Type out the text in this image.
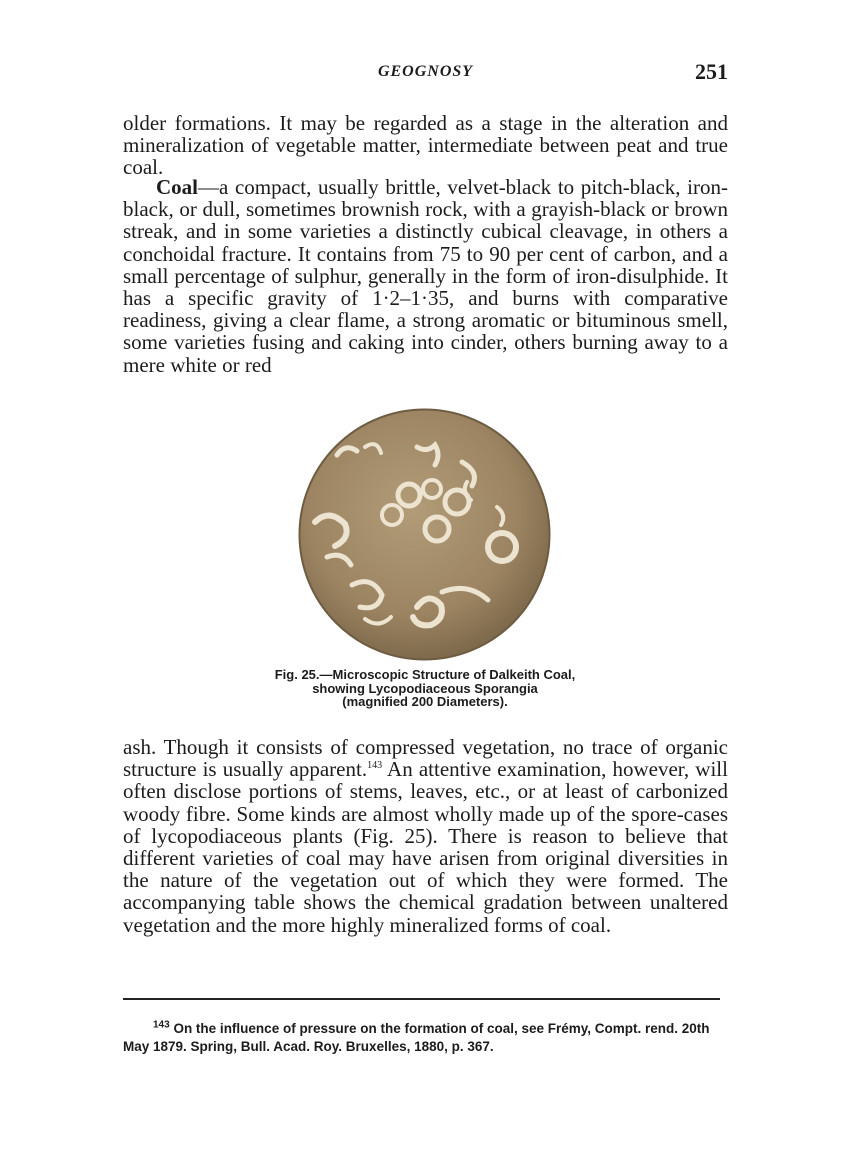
GEOGNOSY	251

older formations. It may be regarded as a stage in the alteration and mineralization of vegetable matter, intermediate between peat and true coal.

Coal—a compact, usually brittle, velvet-black to pitch-black, iron-black, or dull, sometimes brownish rock, with a grayish-black or brown streak, and in some varieties a distinctly cubical cleavage, in others a conchoidal fracture. It contains from 75 to 90 per cent of carbon, and a small percentage of sulphur, generally in the form of iron-disulphide. It has a specific gravity of 1·2–1·35, and burns with comparative readiness, giving a clear flame, a strong aromatic or bituminous smell, some varieties fusing and caking into cinder, others burning away to a mere white or red

Fig. 25.—Microscopic Structure of Dalkeith Coal,
showing Lycopodiaceous Sporangia
(magnified 200 Diameters).

ash. Though it consists of compressed vegetation, no trace of organic structure is usually apparent.$^{143}$ An attentive examination, however, will often disclose portions of stems, leaves, etc., or at least of carbonized woody fibre. Some kinds are almost wholly made up of the spore-cases of lycopodiaceous plants (Fig. 25). There is reason to believe that different varieties of coal may have arisen from original diversities in the nature of the vegetation out of which they were formed. The accompanying table shows the chemical gradation between unaltered vegetation and the more highly mineralized forms of coal.

$^{143}$ On the influence of pressure on the formation of coal, see Frémy, Compt. rend. 20th May 1879. Spring, Bull. Acad. Roy. Bruxelles, 1880, p. 367.
